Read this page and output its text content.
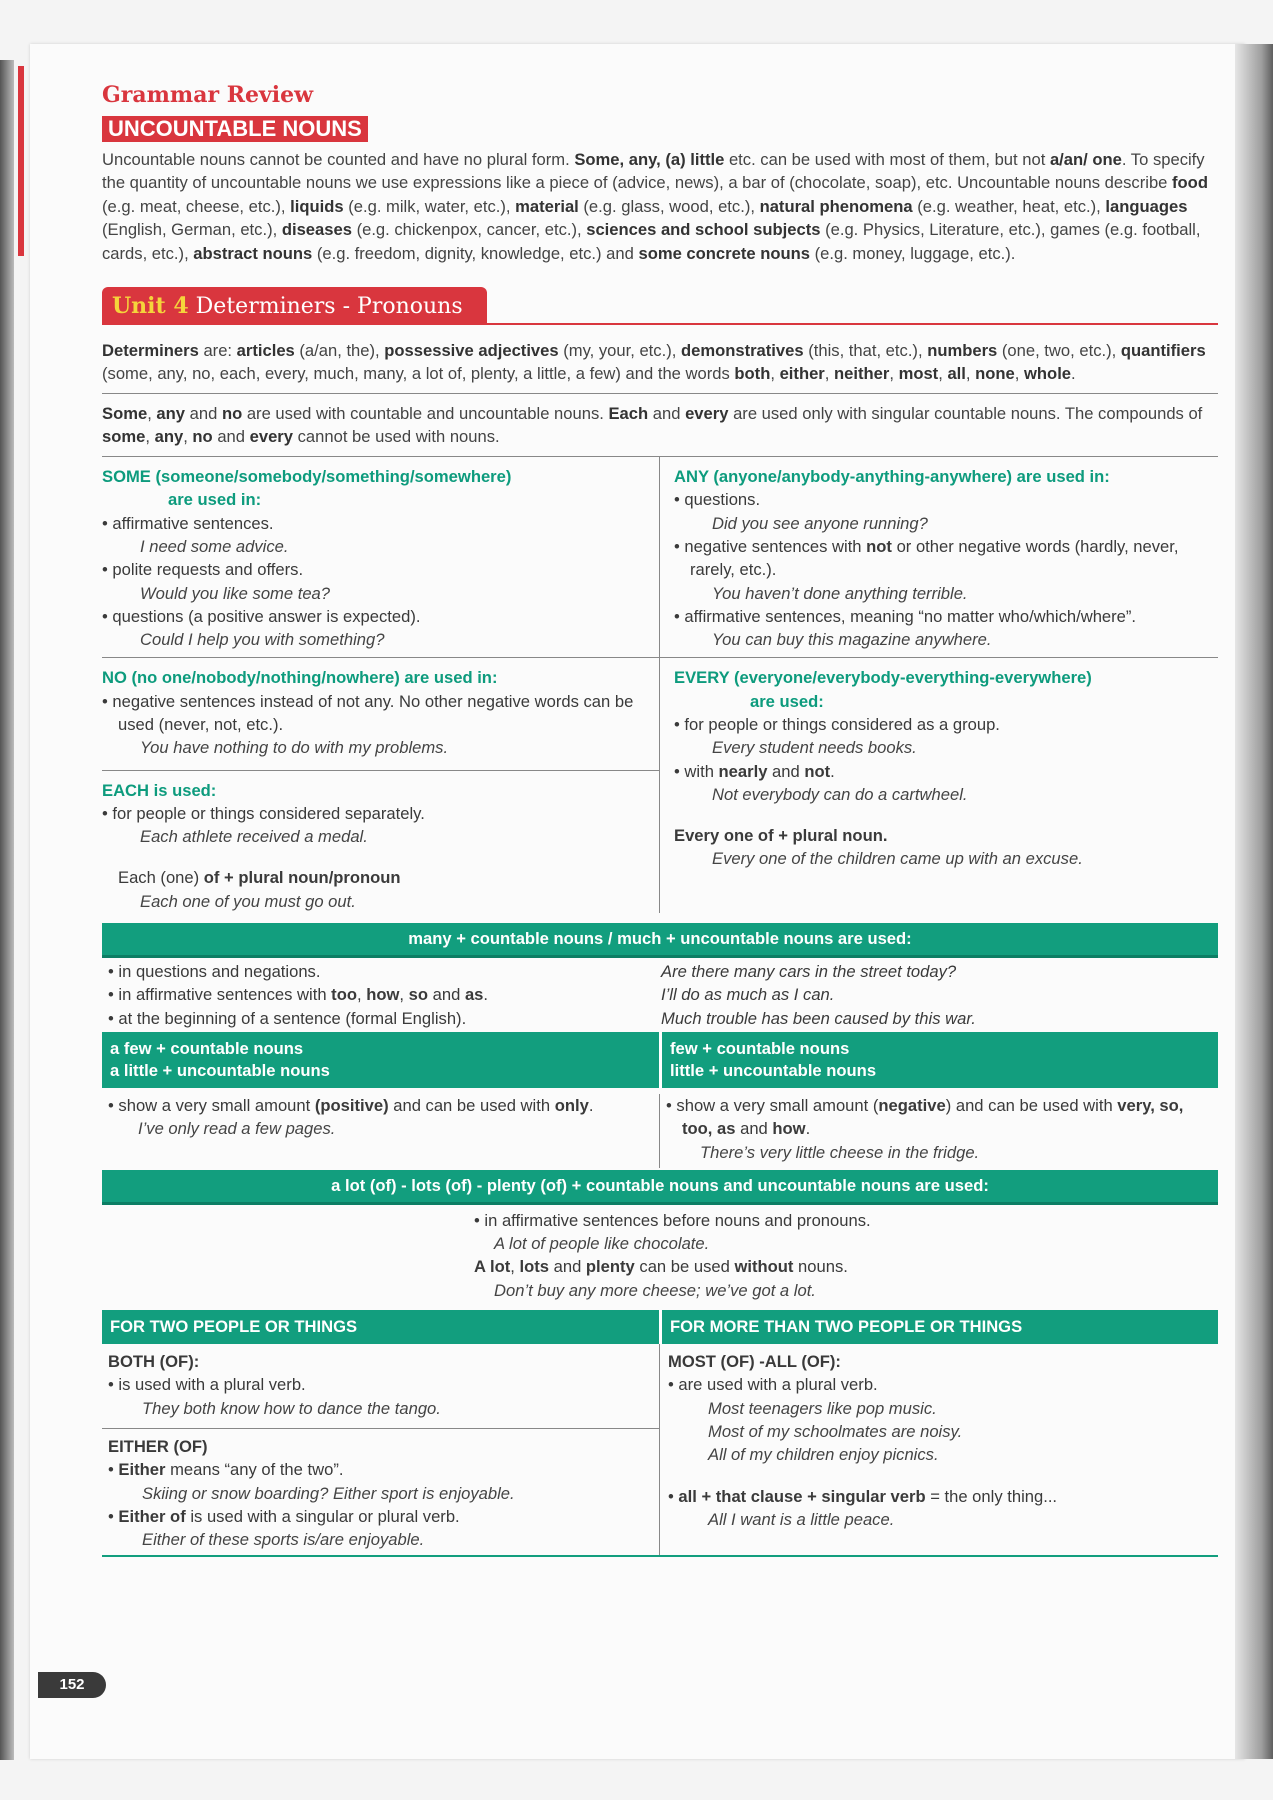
Grammar Review
UNCOUNTABLE NOUNS

Uncountable nouns cannot be counted and have no plural form. Some, any, (a) little etc. can be used with most of them, but not a/an/ one. To specify the quantity of uncountable nouns we use expressions like a piece of (advice, news), a bar of (chocolate, soap), etc. Uncountable nouns describe food (e.g. meat, cheese, etc.), liquids (e.g. milk, water, etc.), material (e.g. glass, wood, etc.), natural phenomena (e.g. weather, heat, etc.), languages (English, German, etc.), diseases (e.g. chickenpox, cancer, etc.), sciences and school subjects (e.g. Physics, Literature, etc.), games (e.g. football, cards, etc.), abstract nouns (e.g. freedom, dignity, knowledge, etc.) and some concrete nouns (e.g. money, luggage, etc.).

Unit 4 Determiners - Pronouns

Determiners are: articles (a/an, the), possessive adjectives (my, your, etc.), demonstratives (this, that, etc.), numbers (one, two, etc.), quantifiers (some, any, no, each, every, much, many, a lot of, plenty, a little, a few) and the words both, either, neither, most, all, none, whole.

Some, any and no are used with countable and uncountable nouns. Each and every are used only with singular countable nouns. The compounds of some, any, no and every cannot be used with nouns.

SOME (someone/somebody/something/somewhere)
are used in:
• affirmative sentences.
I need some advice.
• polite requests and offers.
Would you like some tea?
• questions (a positive answer is expected).
Could I help you with something?
ANY (anyone/anybody-anything-anywhere) are used in:
• questions.
Did you see anyone running?
• negative sentences with not or other negative words (hardly, never, rarely, etc.).
You haven’t done anything terrible.
• affirmative sentences, meaning “no matter who/which/where”.
You can buy this magazine anywhere.
NO (no one/nobody/nothing/nowhere) are used in:
• negative sentences instead of not any. No other negative words can be used (never, not, etc.).
You have nothing to do with my problems.
EACH is used:
• for people or things considered separately.
Each athlete received a medal.
Each (one) of + plural noun/pronoun
Each one of you must go out.
EVERY (everyone/everybody-everything-everywhere)
are used:
• for people or things considered as a group.
Every student needs books.
• with nearly and not.
Not everybody can do a cartwheel.
Every one of + plural noun.
Every one of the children came up with an excuse.
many + countable nouns / much + uncountable nouns are used:
• in questions and negations.
• in affirmative sentences with too, how, so and as.
• at the beginning of a sentence (formal English).
Are there many cars in the street today?
I’ll do as much as I can.
Much trouble has been caused by this war.
a few + countable nouns
a little + uncountable nouns
few + countable nouns
little + uncountable nouns
• show a very small amount (positive) and can be used with only.
I’ve only read a few pages.
• show a very small amount (negative) and can be used with very, so, too, as and how.
There’s very little cheese in the fridge.
a lot (of) - lots (of) - plenty (of) + countable nouns and uncountable nouns are used:
• in affirmative sentences before nouns and pronouns.
A lot of people like chocolate.
A lot, lots and plenty can be used without nouns.
Don’t buy any more cheese; we’ve got a lot.
FOR TWO PEOPLE OR THINGS	FOR MORE THAN TWO PEOPLE OR THINGS
BOTH (OF):
• is used with a plural verb.
They both know how to dance the tango.
EITHER (OF)
• Either means “any of the two”.
Skiing or snow boarding? Either sport is enjoyable.
• Either of is used with a singular or plural verb.
Either of these sports is/are enjoyable.
MOST (OF) -ALL (OF):
• are used with a plural verb.
Most teenagers like pop music.
Most of my schoolmates are noisy.
All of my children enjoy picnics.
• all + that clause + singular verb = the only thing...
All I want is a little peace.
152
